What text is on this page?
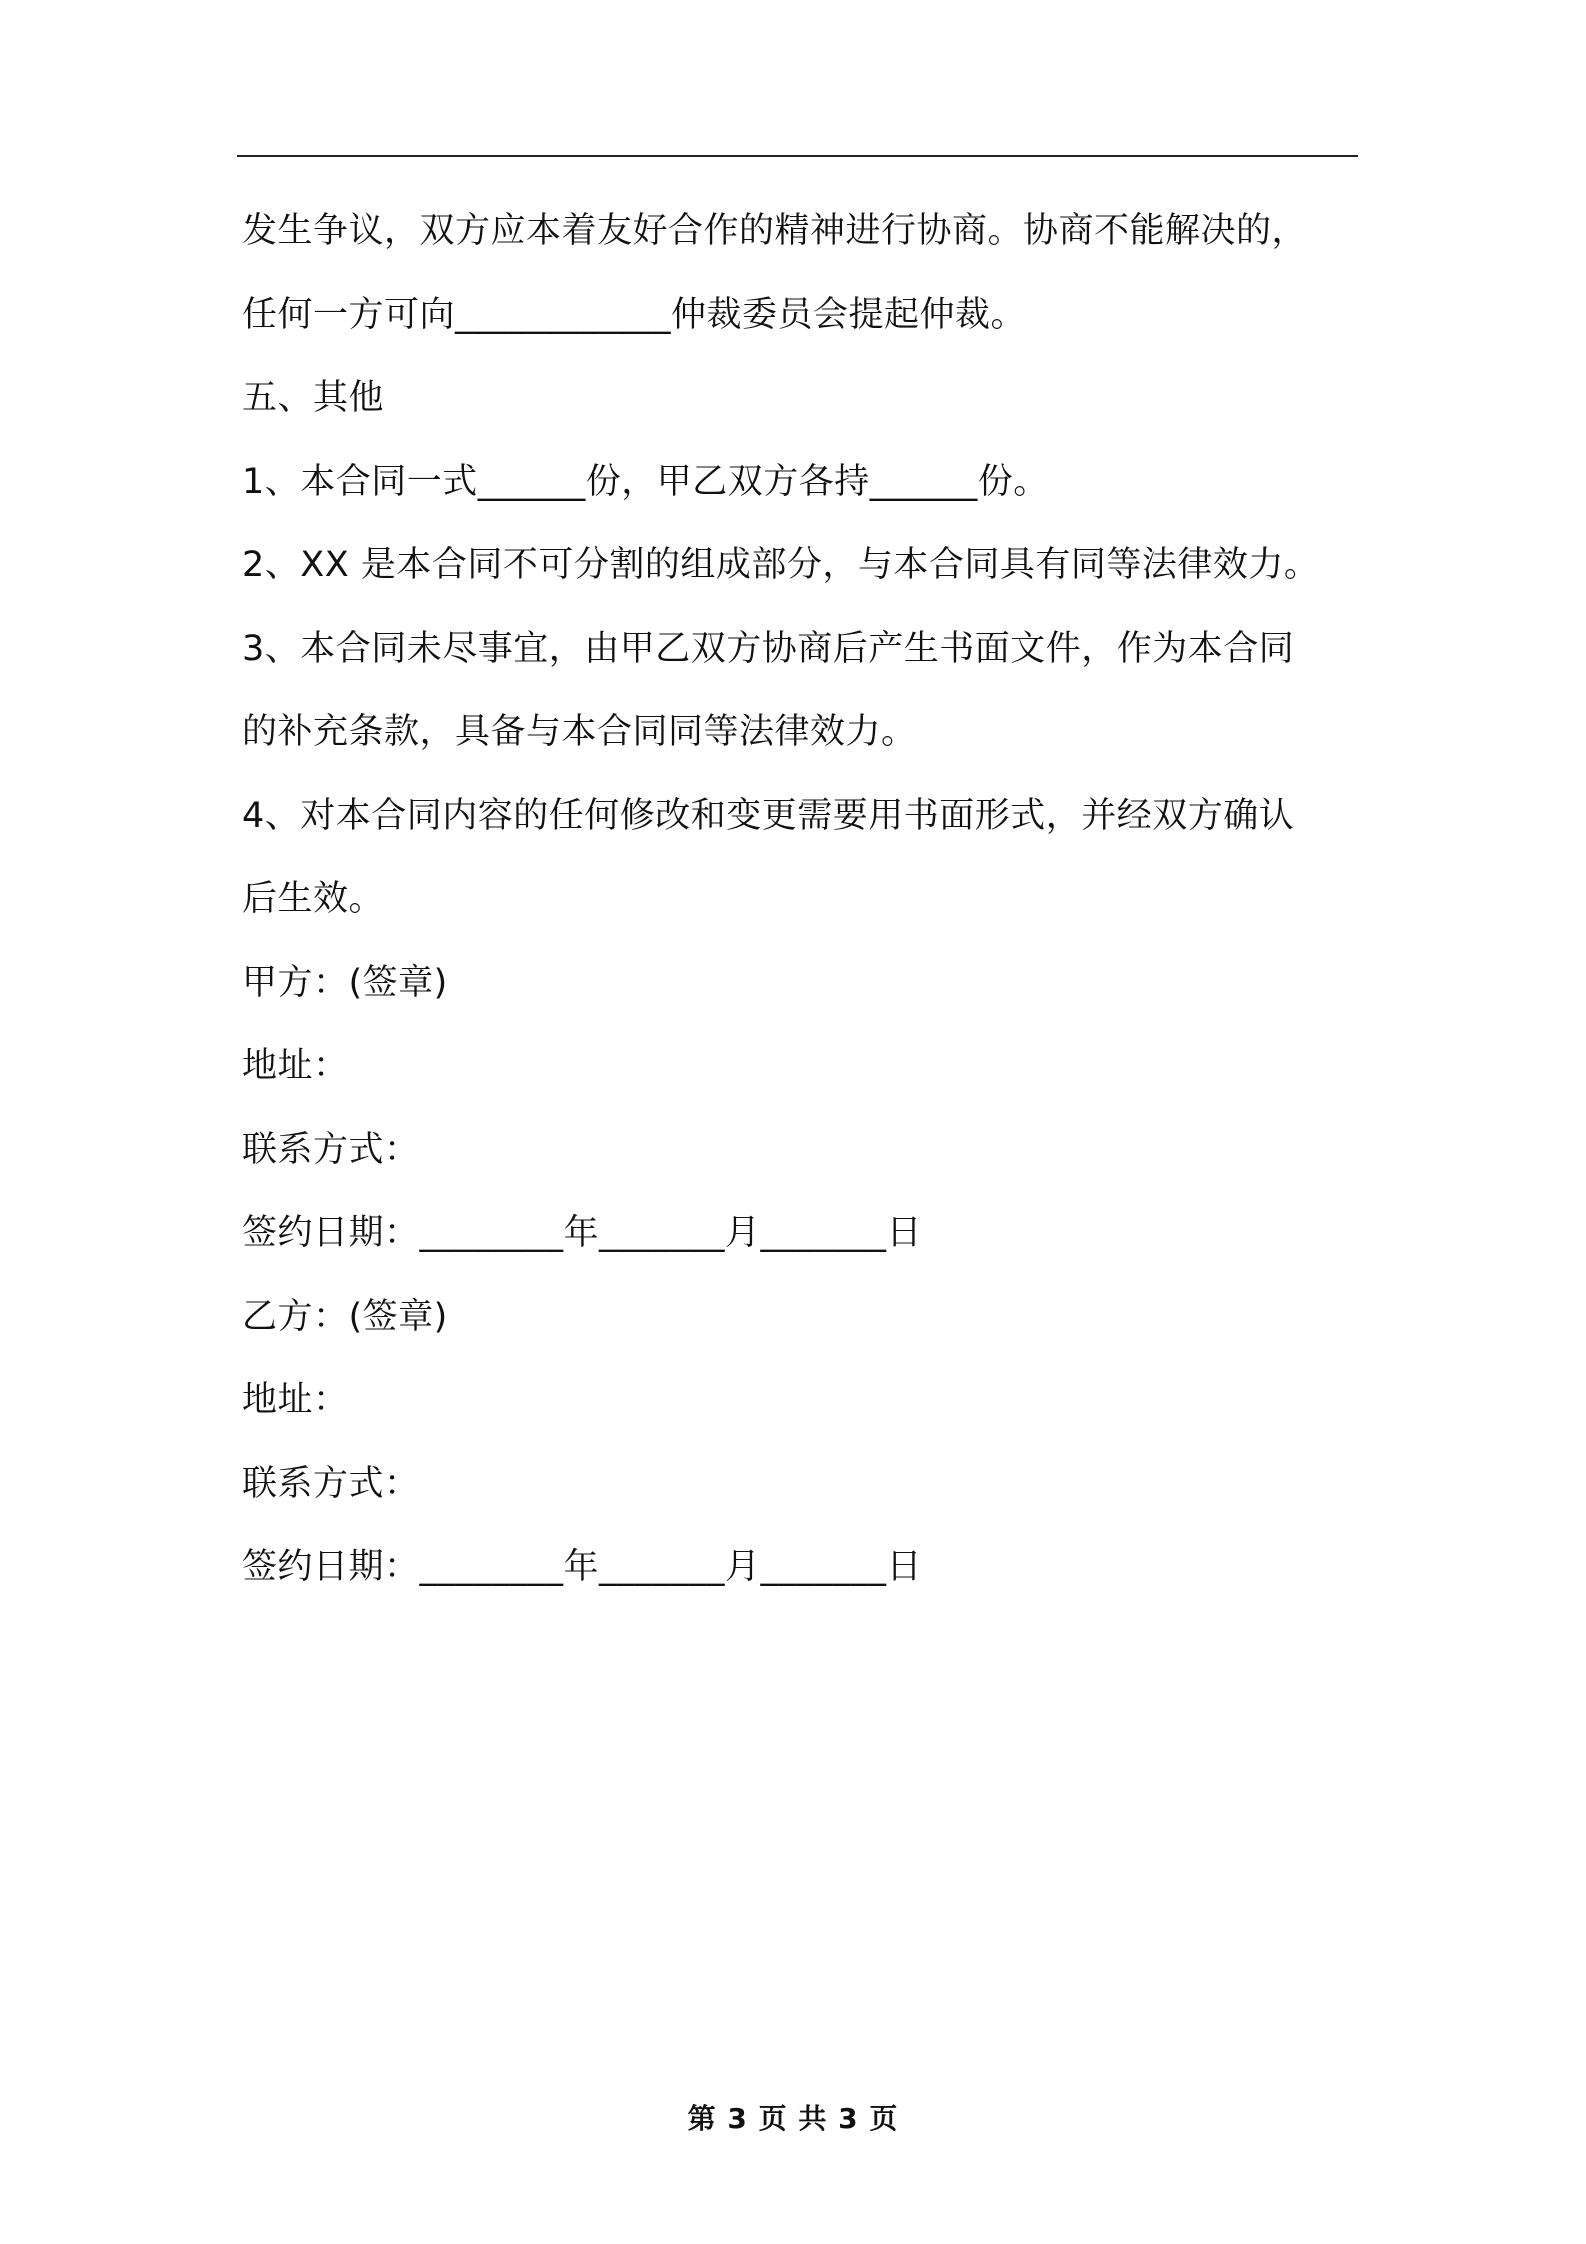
发生争议，双方应本着友好合作的精神进行协商。协商不能解决的，
任何一方可向____________仲裁委员会提起仲裁。
五、其他
1、本合同一式______份，甲乙双方各持______份。
2、XX 是本合同不可分割的组成部分，与本合同具有同等法律效力。
3、本合同未尽事宜，由甲乙双方协商后产生书面文件，作为本合同
的补充条款，具备与本合同同等法律效力。
4、对本合同内容的任何修改和变更需要用书面形式，并经双方确认
后生效。
甲方：(签章)
地址：
联系方式：
签约日期：________年_______月_______日
乙方：(签章)
地址：
联系方式：
签约日期：________年_______月_______日
第 3 页 共 3 页
